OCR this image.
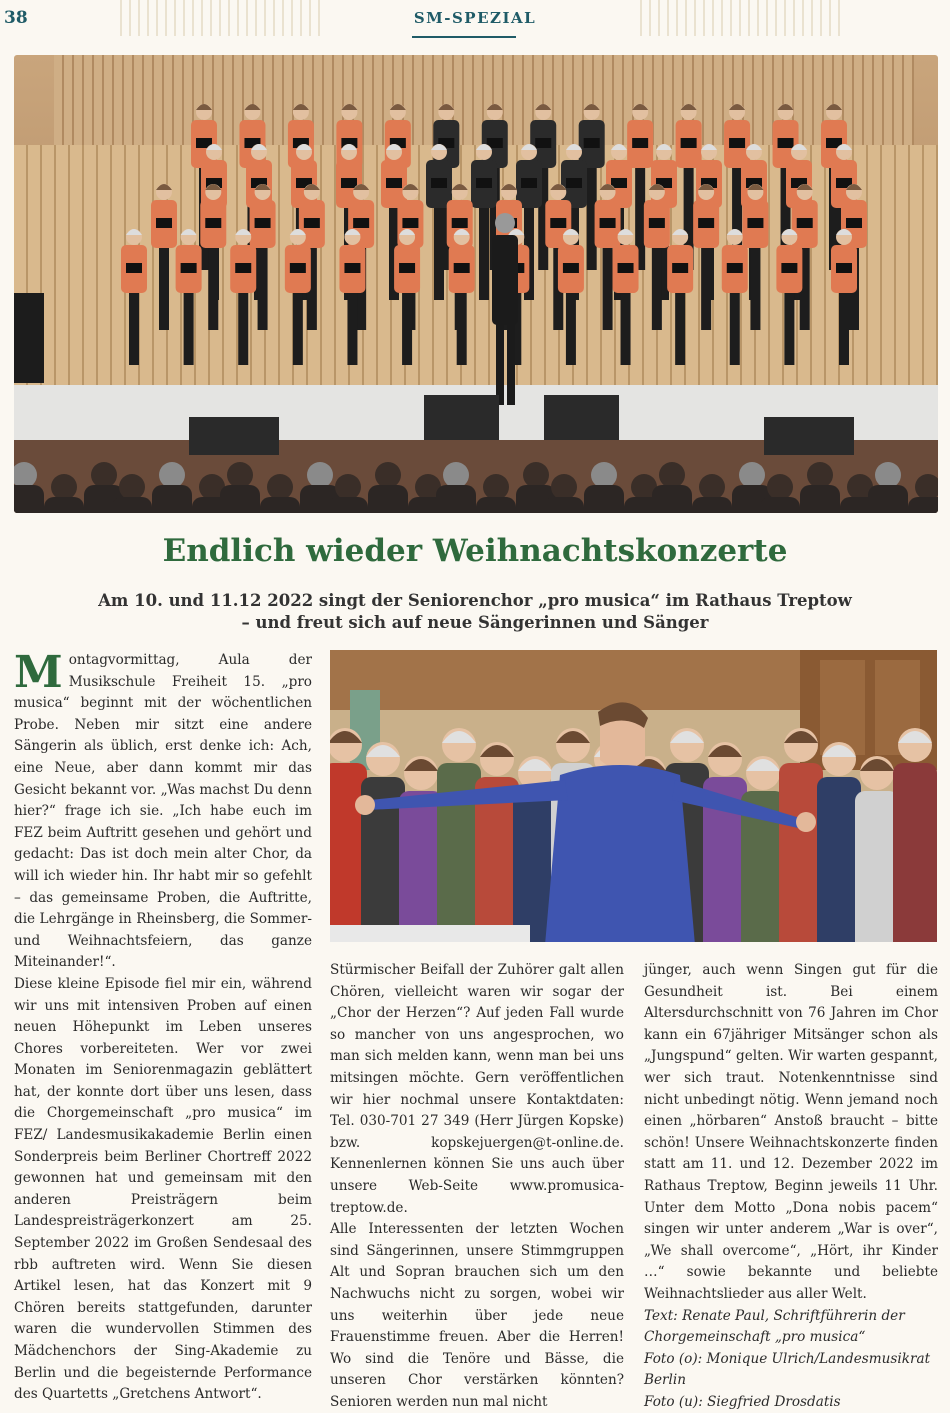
38	SM-SPEZIAL
Endlich wieder Weihnachtskonzerte
Am 10. und 11.12 2022 singt der Seniorenchor „pro musica“ im Rathaus Treptow
– und freut sich auf neue Sängerinnen und Sänger

Montagvormittag, Aula der Musikschule Freiheit 15. „pro musica“ beginnt mit der wöchentlichen Probe. Neben mir sitzt eine andere Sängerin als üblich, erst denke ich: Ach, eine Neue, aber dann kommt mir das Gesicht bekannt vor. „Was machst Du denn hier?“ frage ich sie. „Ich habe euch im FEZ beim Auftritt gesehen und gehört und gedacht: Das ist doch mein alter Chor, da will ich wieder hin. Ihr habt mir so gefehlt – das gemeinsame Proben, die Auftritte, die Lehrgänge in Rheinsberg, die Sommer- und Weihnachtsfeiern, das ganze Miteinander!“.

Diese kleine Episode fiel mir ein, während wir uns mit intensiven Proben auf einen neuen Höhepunkt im Leben unseres Chores vorbereiteten. Wer vor zwei Monaten im Seniorenmagazin geblättert hat, der konnte dort über uns lesen, dass die Chorgemeinschaft „pro musica“ im FEZ/ Landesmusikakademie Berlin einen Sonderpreis beim Berliner Chortreff 2022 gewonnen hat und gemeinsam mit den anderen Preisträgern beim Landespreisträgerkonzert am 25. September 2022 im Großen Sendesaal des rbb auftreten wird. Wenn Sie diesen Artikel lesen, hat das Konzert mit 9 Chören bereits stattgefunden, darunter waren die wundervollen Stimmen des Mädchenchors der Sing-Akademie zu Berlin und die begeisternde Performance des Quartetts „Gretchens Antwort“.

Stürmischer Beifall der Zuhörer galt allen Chören, vielleicht waren wir sogar der „Chor der Herzen“? Auf jeden Fall wurde so mancher von uns angesprochen, wo man sich melden kann, wenn man bei uns mitsingen möchte. Gern veröffentlichen wir hier nochmal unsere Kontaktdaten: Tel. 030-701 27 349 (Herr Jürgen Kopske) bzw. kopskejuergen@t-online.de. Kennenlernen können Sie uns auch über unsere Web-Seite www.promusica-treptow.de.

Alle Interessenten der letzten Wochen sind Sängerinnen, unsere Stimmgruppen Alt und Sopran brauchen sich um den Nachwuchs nicht zu sorgen, wobei wir uns weiterhin über jede neue Frauenstimme freuen. Aber die Herren! Wo sind die Tenöre und Bässe, die unseren Chor verstärken könnten? Senioren werden nun mal nicht

jünger, auch wenn Singen gut für die Gesundheit ist. Bei einem Altersdurchschnitt von 76 Jahren im Chor kann ein 67jähriger Mitsänger schon als „Jungspund“ gelten. Wir warten gespannt, wer sich traut. Notenkenntnisse sind nicht unbedingt nötig. Wenn jemand noch einen „hörbaren“ Anstoß braucht – bitte schön! Unsere Weihnachtskonzerte finden statt am 11. und 12. Dezember 2022 im Rathaus Treptow, Beginn jeweils 11 Uhr. Unter dem Motto „Dona nobis pacem“ singen wir unter anderem „War is over“, „We shall overcome“, „Hört, ihr Kinder …“ sowie bekannte und beliebte Weihnachtslieder aus aller Welt.

Text: Renate Paul, Schriftführerin der Chorgemeinschaft „pro musica“

Foto (o): Monique Ulrich/Landesmusikrat Berlin

Foto (u): Siegfried Drosdatis
